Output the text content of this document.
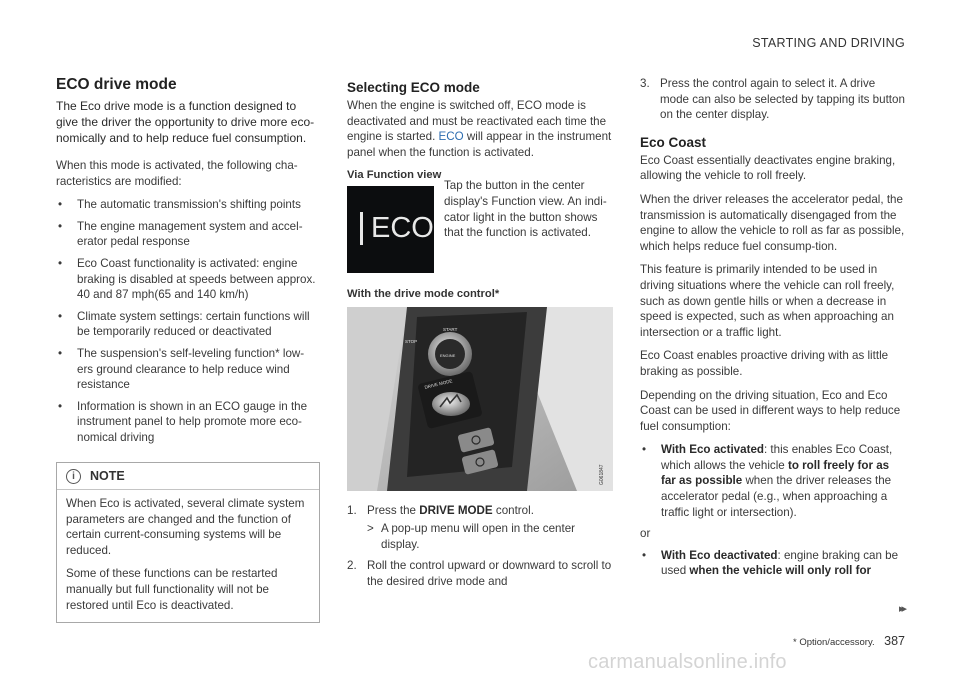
STARTING AND DRIVING
ECO drive mode

The Eco drive mode is a function designed to give the driver the opportunity to drive more eco-nomically and to help reduce fuel consumption.

When this mode is activated, the following cha-racteristics are modified:

• The automatic transmission's shifting points
• The engine management system and accel-erator pedal response
• Eco Coast functionality is activated: engine braking is disabled at speeds between approx. 40 and 87 mph(65 and 140 km/h)
• Climate system settings: certain functions will be temporarily reduced or deactivated
• The suspension's self-leveling function* low-ers ground clearance to help reduce wind resistance
• Information is shown in an ECO gauge in the instrument panel to help promote more eco-nomical driving
i	NOTE

When Eco is activated, several climate system parameters are changed and the function of certain current-consuming systems will be reduced.

Some of these functions can be restarted manually but full functionality will not be restored until Eco is deactivated.

Selecting ECO mode

When the engine is switched off, ECO mode is deactivated and must be reactivated each time the engine is started. ECO will appear in the instrument panel when the function is activated.

Via Function view
ECO
Tap the button in the center display's Function view. An indi-cator light in the button shows that the function is activated.
With the drive mode control*
STOP
START
ENGINE
DRIVE MODE
G061847
1. Press the DRIVE MODE control.
> A pop-up menu will open in the center display.
2. Roll the control upward or downward to scroll to the desired drive mode and
3. Press the control again to select it. A drive mode can also be selected by tapping its button on the center display.
Eco Coast

Eco Coast essentially deactivates engine braking, allowing the vehicle to roll freely.

When the driver releases the accelerator pedal, the transmission is automatically disengaged from the engine to allow the vehicle to roll as far as possible, which helps reduce fuel consump-tion.

This feature is primarily intended to be used in driving situations where the vehicle can roll freely, such as down gentle hills or when a decrease in speed is expected, such as when approaching an intersection or a traffic light.

Eco Coast enables proactive driving with as little braking as possible.

Depending on the driving situation, Eco and Eco Coast can be used in different ways to help reduce fuel consumption:

• With Eco activated: this enables Eco Coast, which allows the vehicle to roll freely for as far as possible when the driver releases the accelerator pedal (e.g., when approaching a traffic light or intersection).

or

• With Eco deactivated: engine braking can be used when the vehicle will only roll for
▸▸
* Option/accessory. 387
carmanualsonline.info
